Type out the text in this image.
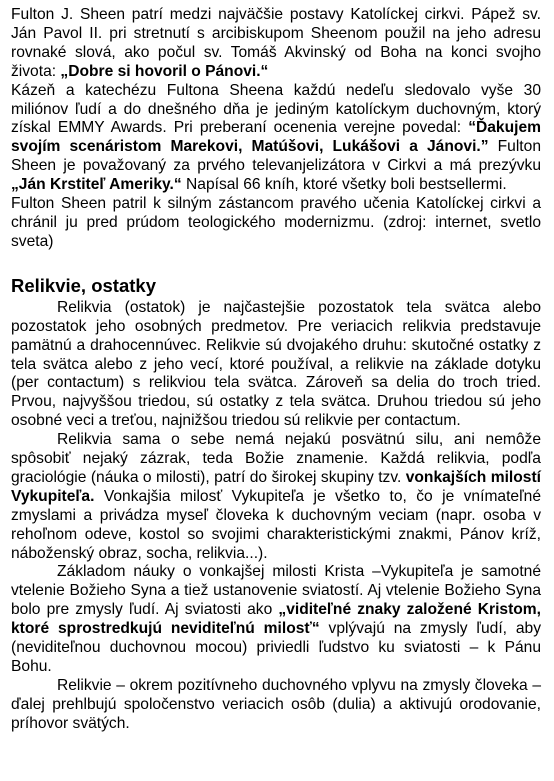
Fulton J. Sheen patrí medzi najväčšie postavy Katolíckej cirkvi. Pápež sv. Ján Pavol II. pri stretnutí s arcibiskupom Sheenom použil na jeho adresu rovnaké slová, ako počul sv. Tomáš Akvinský od Boha na konci svojho života: „Dobre si hovoril o Pánovi.“

Kázeň a katechézu Fultona Sheena každú nedeľu sledovalo vyše 30 miliónov ľudí a do dnešného dňa je jediným katolíckym duchovným, ktorý získal EMMY Awards. Pri preberaní ocenenia verejne povedal: “Ďakujem svojím scenáristom Marekovi, Matúšovi, Lukášovi a Jánovi.” Fulton Sheen je považovaný za prvého televanjelizátora v Cirkvi a má prezývku „Ján Krstiteľ Ameriky.“ Napísal 66 kníh, ktoré všetky boli bestsellermi.

Fulton Sheen patril k silným zástancom pravého učenia Katolíckej cirkvi a chránil ju pred prúdom teologického modernizmu. (zdroj: internet, svetlo sveta)

Relikvie, ostatky

Relikvia (ostatok) je najčastejšie pozostatok tela svätca alebo pozostatok jeho osobných predmetov. Pre veriacich relikvia predstavuje pamätnú a drahocennúvec. Relikvie sú dvojakého druhu: skutočné ostatky z tela svätca alebo z jeho vecí, ktoré používal, a relikvie na základe dotyku (per contactum) s relikviou tela svätca. Zároveň sa delia do troch tried. Prvou, najvyššou triedou, sú ostatky z tela svätca. Druhou triedou sú jeho osobné veci a treťou, najnižšou triedou sú relikvie per contactum.

Relikvia sama o sebe nemá nejakú posvätnú silu, ani nemôže spôsobiť nejaký zázrak, teda Božie znamenie. Každá relikvia, podľa graciológie (náuka o milosti), patrí do širokej skupiny tzv. vonkajších milostí Vykupiteľa. Vonkajšia milosť Vykupiteľa je všetko to, čo je vnímateľné zmyslami a privádza myseľ človeka k duchovným veciam (napr. osoba v rehoľnom odeve, kostol so svojimi charakteristickými znakmi, Pánov kríž, náboženský obraz, socha, relikvia...).

Základom náuky o vonkajšej milosti Krista –Vykupiteľa je samotné vtelenie Božieho Syna a tiež ustanovenie sviatostí. Aj vtelenie Božieho Syna bolo pre zmysly ľudí. Aj sviatosti ako „viditeľné znaky založené Kristom, ktoré sprostredkujú neviditeľnú milosť“ vplývajú na zmysly ľudí, aby (neviditeľnou duchovnou mocou) priviedli ľudstvo ku sviatosti – k Pánu Bohu.

Relikvie – okrem pozitívneho duchovného vplyvu na zmysly človeka – ďalej prehlbujú spoločenstvo veriacich osôb (dulia) a aktivujú orodovanie, príhovor svätých.
